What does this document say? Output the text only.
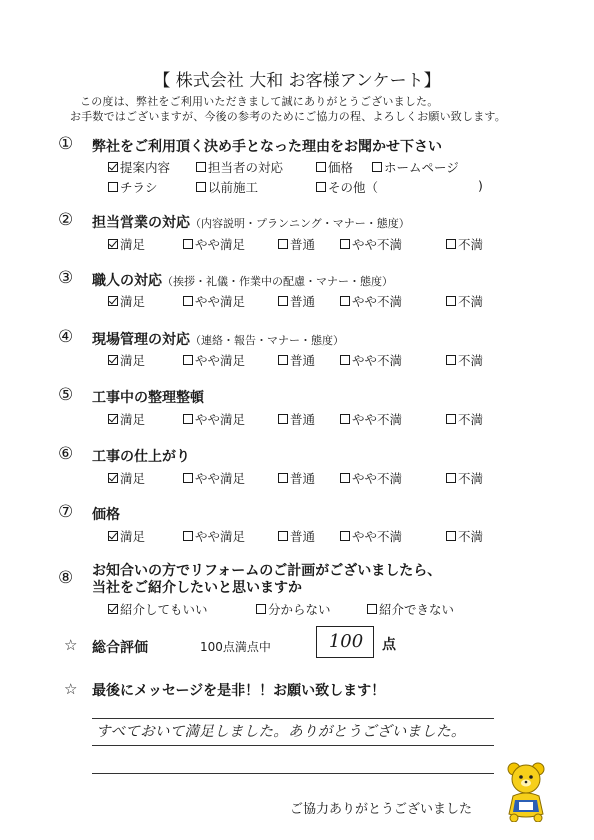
【 株式会社 大和 お客様アンケート】
この度は、弊社をご利用いただきまして誠にありがとうございました。
お手数ではございますが、今後の参考のためにご協力の程、よろしくお願い致します。
① 弊社をご利用頂く決め手となった理由をお聞かせ下さい
提案内容	担当者の対応	価格 ホームページ
チラシ	以前施工	その他（	)
② 担当営業の対応（内容説明・プランニング・マナー・態度）
満足	やや満足	普通	やや不満	不満
③ 職人の対応（挨拶・礼儀・作業中の配慮・マナー・態度）
満足	やや満足	普通	やや不満	不満
④ 現場管理の対応（連絡・報告・マナー・態度）
満足	やや満足	普通	やや不満	不満
⑤ 工事中の整理整頓
満足	やや満足	普通	やや不満	不満
⑥ 工事の仕上がり
満足	やや満足	普通	やや不満	不満
⑦ 価格
満足	やや満足	普通	やや不満	不満
⑧ お知合いの方でリフォームのご計画がございましたら、
当社をご紹介したいと思いますか
紹介してもいい	分からない	紹介できない
☆ 総合評価	100点満点中	100	点
☆ 最後にメッセージを是非！！お願い致します！
すべておいて満足しました。ありがとうございました。
ご協力ありがとうございました
